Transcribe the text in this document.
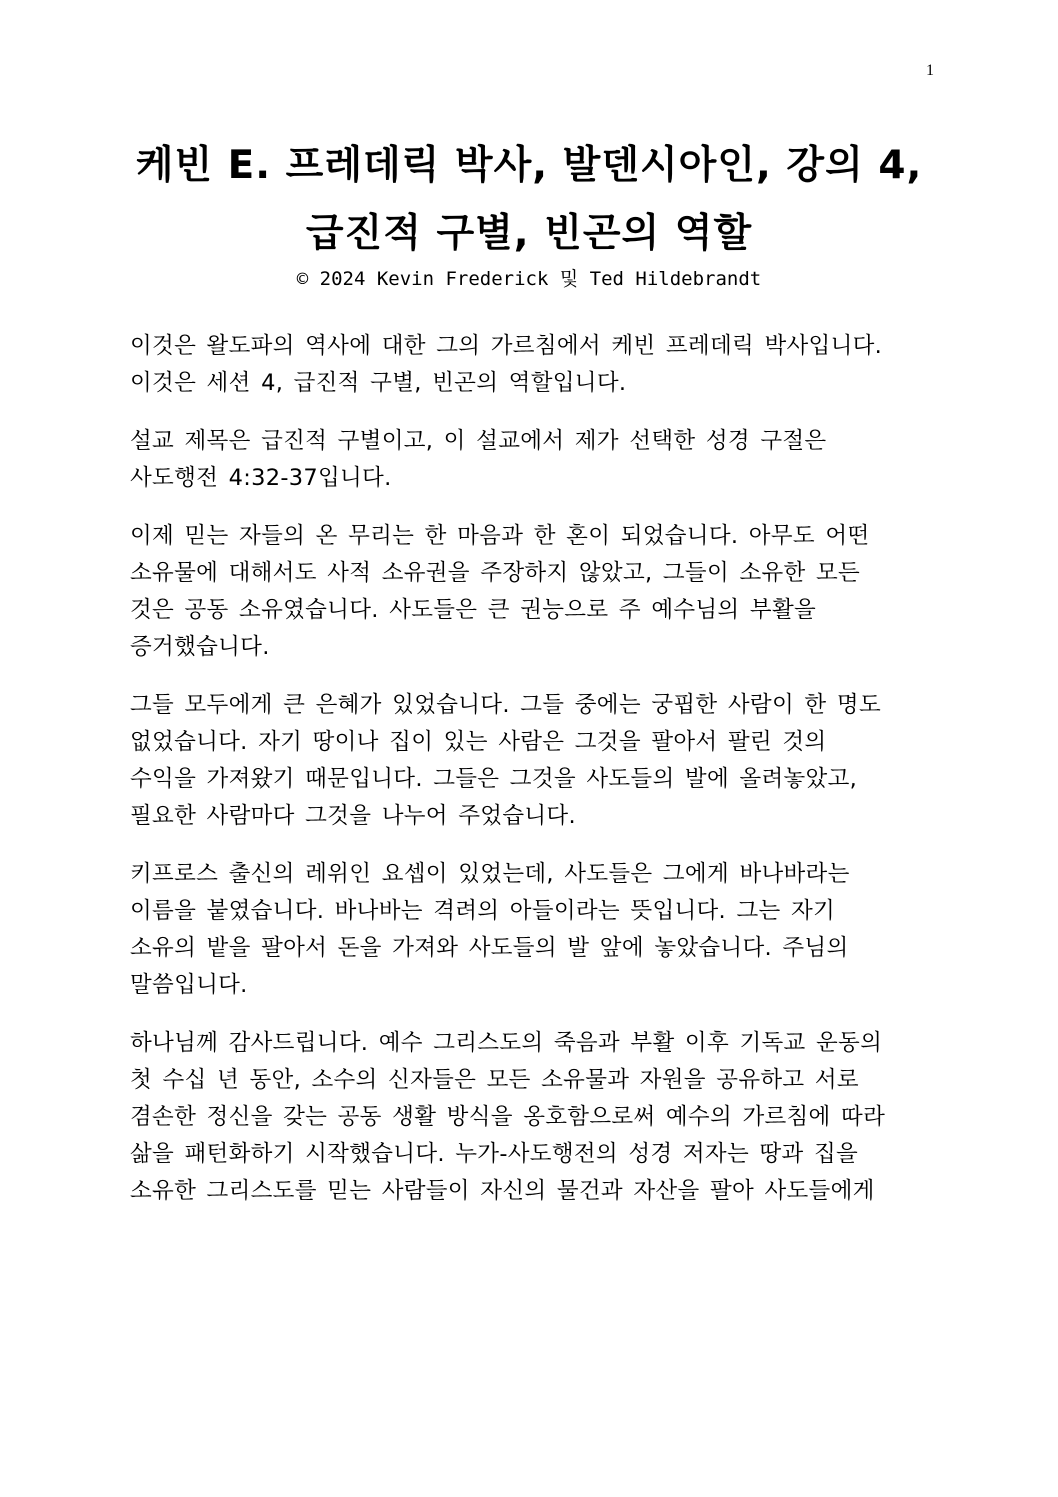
1
케빈 E. 프레데릭 박사, 발덴시아인, 강의 4,
급진적 구별, 빈곤의 역할
© 2024 Kevin Frederick 및 Ted Hildebrandt
이것은 왈도파의 역사에 대한 그의 가르침에서 케빈 프레데릭 박사입니다.
이것은 세션 4, 급진적 구별, 빈곤의 역할입니다.
설교 제목은 급진적 구별이고, 이 설교에서 제가 선택한 성경 구절은
사도행전 4:32-37입니다.
이제 믿는 자들의 온 무리는 한 마음과 한 혼이 되었습니다. 아무도 어떤
소유물에 대해서도 사적 소유권을 주장하지 않았고, 그들이 소유한 모든
것은 공동 소유였습니다. 사도들은 큰 권능으로 주 예수님의 부활을
증거했습니다.
그들 모두에게 큰 은혜가 있었습니다. 그들 중에는 궁핍한 사람이 한 명도
없었습니다. 자기 땅이나 집이 있는 사람은 그것을 팔아서 팔린 것의
수익을 가져왔기 때문입니다. 그들은 그것을 사도들의 발에 올려놓았고,
필요한 사람마다 그것을 나누어 주었습니다.
키프로스 출신의 레위인 요셉이 있었는데, 사도들은 그에게 바나바라는
이름을 붙였습니다. 바나바는 격려의 아들이라는 뜻입니다. 그는 자기
소유의 밭을 팔아서 돈을 가져와 사도들의 발 앞에 놓았습니다. 주님의
말씀입니다.
하나님께 감사드립니다. 예수 그리스도의 죽음과 부활 이후 기독교 운동의
첫 수십 년 동안, 소수의 신자들은 모든 소유물과 자원을 공유하고 서로
겸손한 정신을 갖는 공동 생활 방식을 옹호함으로써 예수의 가르침에 따라
삶을 패턴화하기 시작했습니다. 누가-사도행전의 성경 저자는 땅과 집을
소유한 그리스도를 믿는 사람들이 자신의 물건과 자산을 팔아 사도들에게
